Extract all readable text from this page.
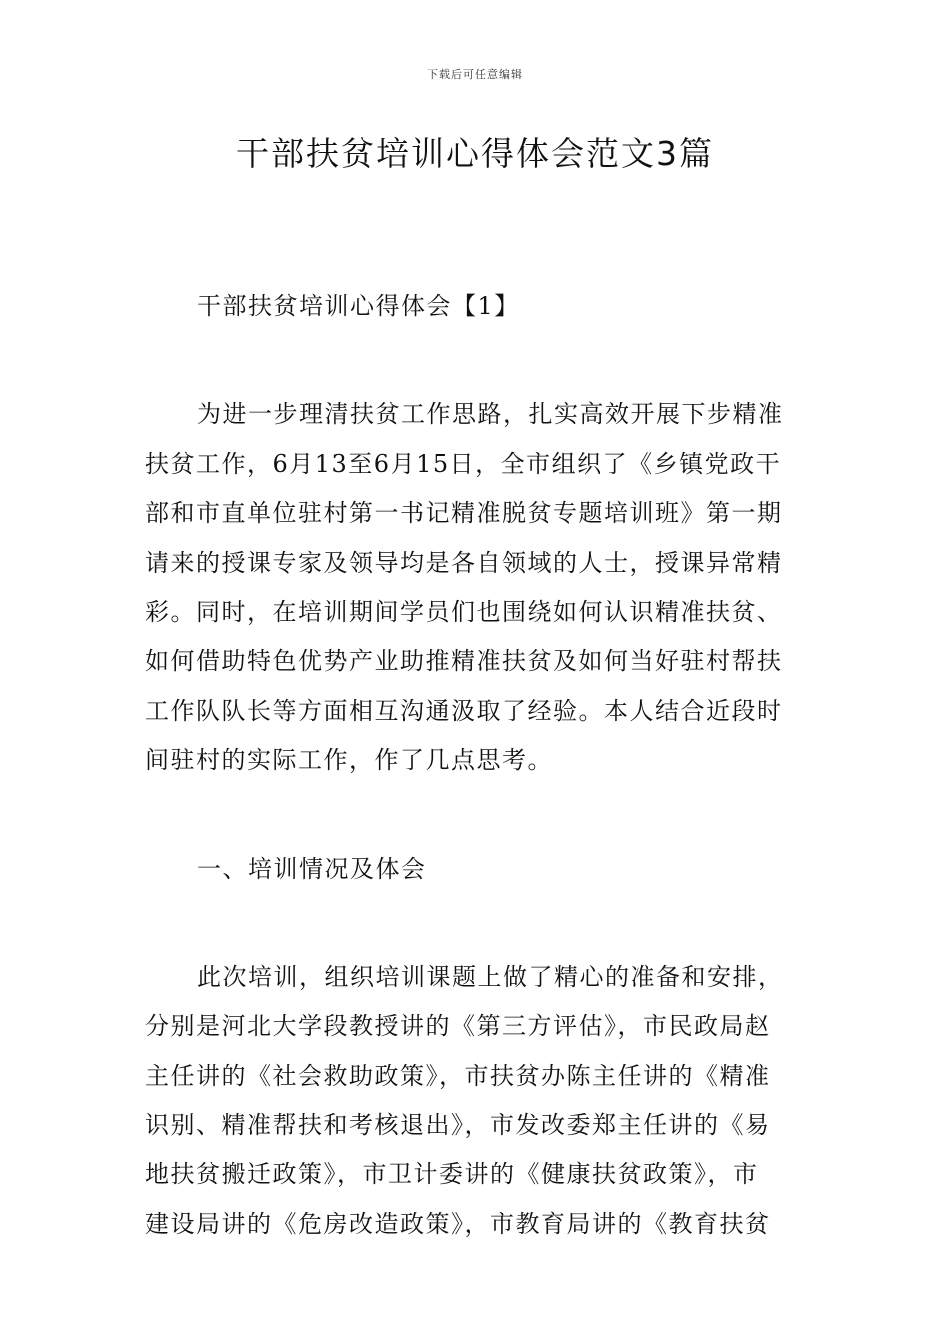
下载后可任意编辑
干部扶贫培训心得体会范文3篇
干部扶贫培训心得体会【1】
为进一步理清扶贫工作思路，扎实高效开展下步精准
扶贫工作，6月13至6月15日，全市组织了《乡镇党政干
部和市直单位驻村第一书记精准脱贫专题培训班》第一期
请来的授课专家及领导均是各自领域的人士，授课异常精
彩。同时，在培训期间学员们也围绕如何认识精准扶贫、
如何借助特色优势产业助推精准扶贫及如何当好驻村帮扶
工作队队长等方面相互沟通汲取了经验。本人结合近段时
间驻村的实际工作，作了几点思考。
一、培训情况及体会
此次培训，组织培训课题上做了精心的准备和安排，
分别是河北大学段教授讲的《第三方评估》，市民政局赵
主任讲的《社会救助政策》，市扶贫办陈主任讲的《精准
识别、精准帮扶和考核退出》，市发改委郑主任讲的《易
地扶贫搬迁政策》，市卫计委讲的《健康扶贫政策》，市
建设局讲的《危房改造政策》，市教育局讲的《教育扶贫
